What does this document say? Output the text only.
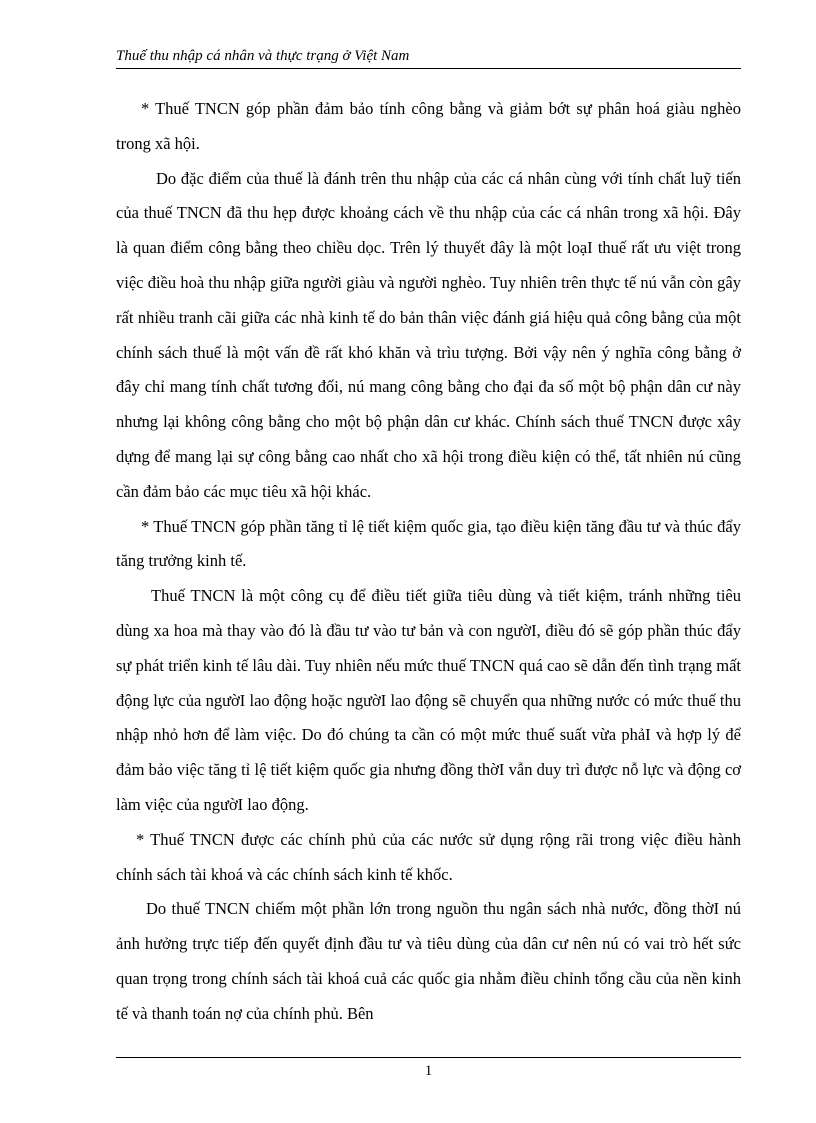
Thuế thu nhập cá nhân và thực trạng ở Việt Nam

* Thuế TNCN góp phần đảm bảo tính công bằng và giảm bớt sự phân hoá giàu nghèo trong xã hội.

Do đặc điểm của thuế là đánh trên thu nhập của các cá nhân cùng với tính chất luỹ tiến của thuế TNCN đã thu hẹp được khoảng cách về thu nhập của các cá nhân trong xã hội. Đây là quan điểm công bằng theo chiều dọc. Trên lý thuyết đây là một loạI thuế rất ưu việt trong việc điều hoà thu nhập giữa người giàu và người nghèo. Tuy nhiên trên thực tế nú vẫn còn gây rất nhiều tranh cãi giữa các nhà kinh tế do bản thân việc đánh giá hiệu quả công bằng của một chính sách thuế là một vấn đề rất khó khăn và trìu tượng. Bởi vậy nên ý nghĩa công bằng ở đây chỉ mang tính chất tương đối, nú mang công bằng cho đại đa số một bộ phận dân cư này nhưng lại không công bằng cho một bộ phận dân cư khác. Chính sách thuế TNCN được xây dựng để mang lại sự công bằng cao nhất cho xã hội trong điều kiện có thể, tất nhiên nú cũng cần đảm bảo các mục tiêu xã hội khác.

* Thuế TNCN góp phần tăng tỉ lệ tiết kiệm quốc gia, tạo điều kiện tăng đầu tư và thúc đẩy tăng trưởng kinh tế.

Thuế TNCN là một công cụ để điều tiết giữa tiêu dùng và tiết kiệm, tránh những tiêu dùng xa hoa mà thay vào đó là đầu tư vào tư bản và con ngườI, điều đó sẽ góp phần thúc đẩy sự phát triển kinh tế lâu dài. Tuy nhiên nếu mức thuế TNCN quá cao sẽ dẫn đến tình trạng mất động lực của ngườI lao động hoặc ngườI lao động sẽ chuyển qua những nước có mức thuế thu nhập nhỏ hơn để làm việc. Do đó chúng ta cần có một mức thuế suất vừa phảI và hợp lý để đảm bảo việc tăng tỉ lệ tiết kiệm quốc gia nhưng đồng thờI vẫn duy trì được nỗ lực và động cơ làm việc của ngườI lao động.

* Thuế TNCN được các chính phủ của các nước sử dụng rộng rãi trong việc điều hành chính sách tài khoá và các chính sách kinh tế khốc.

Do thuế TNCN chiếm một phần lớn trong nguồn thu ngân sách nhà nước, đồng thờI nú ảnh hưởng trực tiếp đến quyết định đầu tư và tiêu dùng của dân cư nên nú có vai trò hết sức quan trọng trong chính sách tài khoá cuả các quốc gia nhằm điều chỉnh tổng cầu của nền kinh tế và thanh toán nợ của chính phủ. Bên

1
